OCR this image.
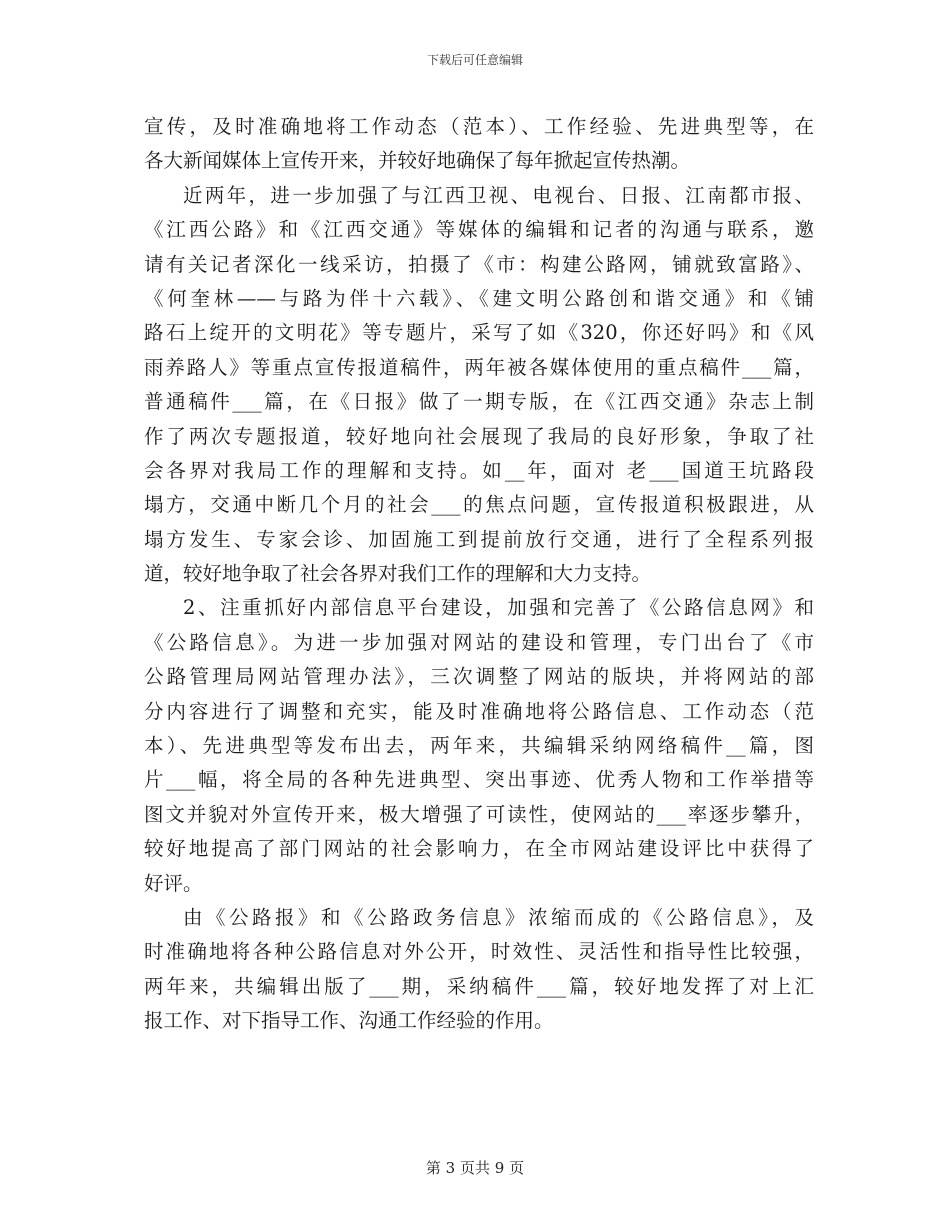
下载后可任意编辑
宣传，及时准确地将工作动态（范本）、工作经验、先进典型等，在
各大新闻媒体上宣传开来，并较好地确保了每年掀起宣传热潮。
近两年，进一步加强了与江西卫视、电视台、日报、江南都市报、
《江西公路》和《江西交通》等媒体的编辑和记者的沟通与联系，邀
请有关记者深化一线采访，拍摄了《市：构建公路网，铺就致富路》、
《何奎林——与路为伴十六载》、《建文明公路创和谐交通》和《铺
路石上绽开的文明花》等专题片，采写了如《320，你还好吗》和《风
雨养路人》等重点宣传报道稿件，两年被各媒体使用的重点稿件___篇，
普通稿件___篇，在《日报》做了一期专版，在《江西交通》杂志上制
作了两次专题报道，较好地向社会展现了我局的良好形象，争取了社
会各界对我局工作的理解和支持。如__年，面对 老___国道王坑路段
塌方，交通中断几个月的社会___的焦点问题，宣传报道积极跟进，从
塌方发生、专家会诊、加固施工到提前放行交通，进行了全程系列报
道，较好地争取了社会各界对我们工作的理解和大力支持。
2、注重抓好内部信息平台建设，加强和完善了《公路信息网》和
《公路信息》。为进一步加强对网站的建设和管理，专门出台了《市
公路管理局网站管理办法》，三次调整了网站的版块，并将网站的部
分内容进行了调整和充实，能及时准确地将公路信息、工作动态（范
本）、先进典型等发布出去，两年来，共编辑采纳网络稿件__篇，图
片___幅，将全局的各种先进典型、突出事迹、优秀人物和工作举措等
图文并貌对外宣传开来，极大增强了可读性，使网站的___率逐步攀升，
较好地提高了部门网站的社会影响力，在全市网站建设评比中获得了
好评。
由《公路报》和《公路政务信息》浓缩而成的《公路信息》，及
时准确地将各种公路信息对外公开，时效性、灵活性和指导性比较强，
两年来，共编辑出版了___期，采纳稿件___篇，较好地发挥了对上汇
报工作、对下指导工作、沟通工作经验的作用。
第 3 页共 9 页
